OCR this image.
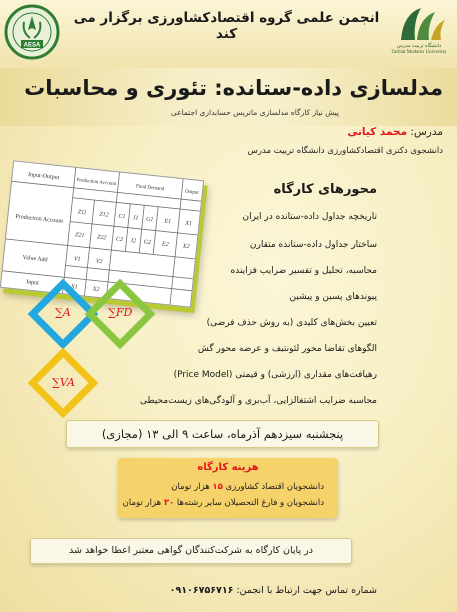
AESA
انجمن علمی گروه اقتصادکشاورزی برگزار می کند
دانشگاه تربیت مدرس
Tarbiat Modares University
مدلسازی داده-ستانده: تئوری و محاسبات
پیش نیاز کارگاه مدلسازی ماتریس حسابداری اجتماعی
مدرس: محمد کیانی
دانشجوی دکتری اقتصادکشاورزی دانشگاه تربیت مدرس
Input-Output
Production Account
Final Demand
Output
Production Account
Value Add
Input
Z11 Z12 C1 I1 G1 E1 X1
Z21 Z22 C2 I2 G2 E2 X2
V1 V2
X1 X2
محورهای کارگاه
تاریخچه جداول داده-ستانده در ایران
ساختار جداول داده-ستانده متقارن
محاسبه، تحلیل و تفسیر ضرایب فزاینده
پیوندهای پسین و پیشین
تعیین بخش‌های کلیدی (به روش حذف فرضی)
الگوهای تقاضا محور لئونتیف و عرضه محور گش
رهیافت‌های مقداری (ارزشی) و قیمتی (Price Model)
محاسبه ضرایب اشتغالزایی، آب‌بری و آلودگی‌های زیست‌محیطی
∑A	∑FD
∑VA
پنجشنبه سیزدهم آذرماه، ساعت ۹ الی ۱۳ (مجازی)
هزینه کارگاه
دانشجویان اقتصاد کشاورزی ۱۵ هزار تومان
دانشجویان و فارغ التحصیلان سایر رشته‌ها ۳۰ هزار تومان
در پایان کارگاه به شرکت‌کنندگان گواهی معتبر اعطا خواهد شد
شماره تماس جهت ارتباط با انجمن: ۰۹۱۰۶۷۵۶۷۱۶
